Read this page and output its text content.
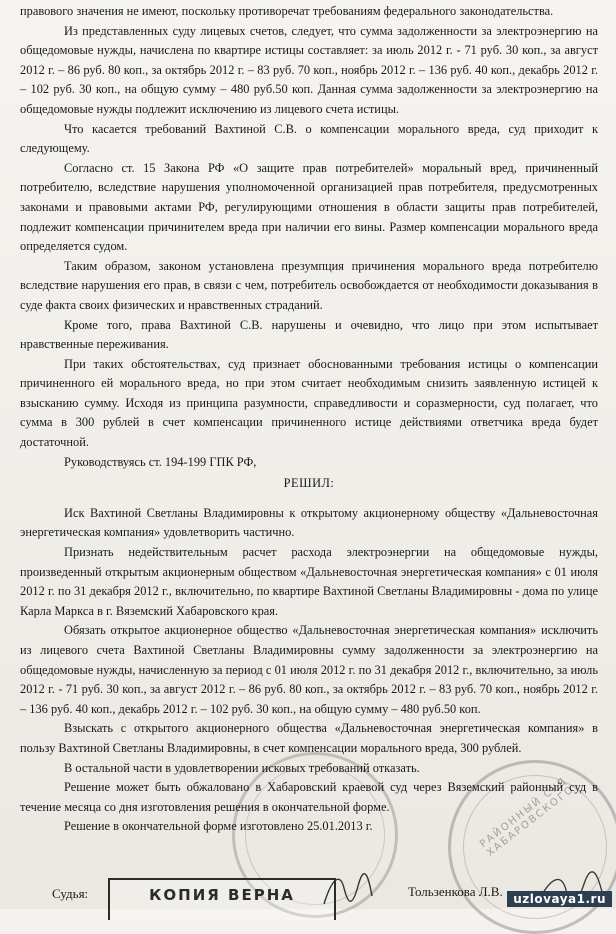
РАЙОННЫЙ СУД ХАБАРОВСКОГО

правового значения не имеют, поскольку противоречат требованиям федерального законодательства.

Из представленных суду лицевых счетов, следует, что сумма задолженности за электроэнергию на общедомовые нужды, начислена по квартире истицы составляет: за июль 2012 г. - 71 руб. 30 коп., за август 2012 г. – 86 руб. 80 коп., за октябрь 2012 г. – 83 руб. 70 коп., ноябрь 2012 г. – 136 руб. 40 коп., декабрь 2012 г. – 102 руб. 30 коп., на общую сумму – 480 руб.50 коп. Данная сумма задолженности за электроэнергию на общедомовые нужды подлежит исключению из лицевого счета истицы.

Что касается требований Вахтиной С.В. о компенсации морального вреда, суд приходит к следующему.

Согласно ст. 15 Закона РФ «О защите прав потребителей» моральный вред, причиненный потребителю, вследствие нарушения уполномоченной организацией прав потребителя, предусмотренных законами и правовыми актами РФ, регулирующими отношения в области защиты прав потребителей, подлежит компенсации причинителем вреда при наличии его вины. Размер компенсации морального вреда определяется судом.

Таким образом, законом установлена презумпция причинения морального вреда потребителю вследствие нарушения его прав, в связи с чем, потребитель освобождается от необходимости доказывания в суде факта своих физических и нравственных страданий.

Кроме того, права Вахтиной С.В. нарушены и очевидно, что лицо при этом испытывает нравственные переживания.

При таких обстоятельствах, суд признает обоснованными требования истицы о компенсации причиненного ей морального вреда, но при этом считает необходимым снизить заявленную истицей к взысканию сумму. Исходя из принципа разумности, справедливости и соразмерности, суд полагает, что сумма в 300 рублей в счет компенсации причиненного истице действиями ответчика вреда будет достаточной.

Руководствуясь ст. 194-199 ГПК РФ,

РЕШИЛ:

Иск Вахтиной Светланы Владимировны к открытому акционерному обществу «Дальневосточная энергетическая компания» удовлетворить частично.

Признать недействительным расчет расхода электроэнергии на общедомовые нужды, произведенный открытым акционерным обществом «Дальневосточная энергетическая компания» с 01 июля 2012 г. по 31 декабря 2012 г., включительно, по квартире Вахтиной Светланы Владимировны - дома по улице Карла Маркса в г. Вяземский Хабаровского края.

Обязать открытое акционерное общество «Дальневосточная энергетическая компания» исключить из лицевого счета Вахтиной Светланы Владимировны сумму задолженности за электроэнергию на общедомовые нужды, начисленную за период с 01 июля 2012 г. по 31 декабря 2012 г., включительно, за июль 2012 г. - 71 руб. 30 коп., за август 2012 г. – 86 руб. 80 коп., за октябрь 2012 г. – 83 руб. 70 коп., ноябрь 2012 г. – 136 руб. 40 коп., декабрь 2012 г. – 102 руб. 30 коп., на общую сумму – 480 руб.50 коп.

Взыскать с открытого акционерного общества «Дальневосточная энергетическая компания» в пользу Вахтиной Светланы Владимировны, в счет компенсации морального вреда, 300 рублей.

В остальной части в удовлетворении исковых требований отказать.

Решение может быть обжаловано в Хабаровский краевой суд через Вяземский районный суд в течение месяца со дня изготовления решения в окончательной форме.

Решение в окончательной форме изготовлено 25.01.2013 г.

Судья:	КОПИЯ ВЕРНА	Тользенкова Л.В. uzlovaya1.ru
